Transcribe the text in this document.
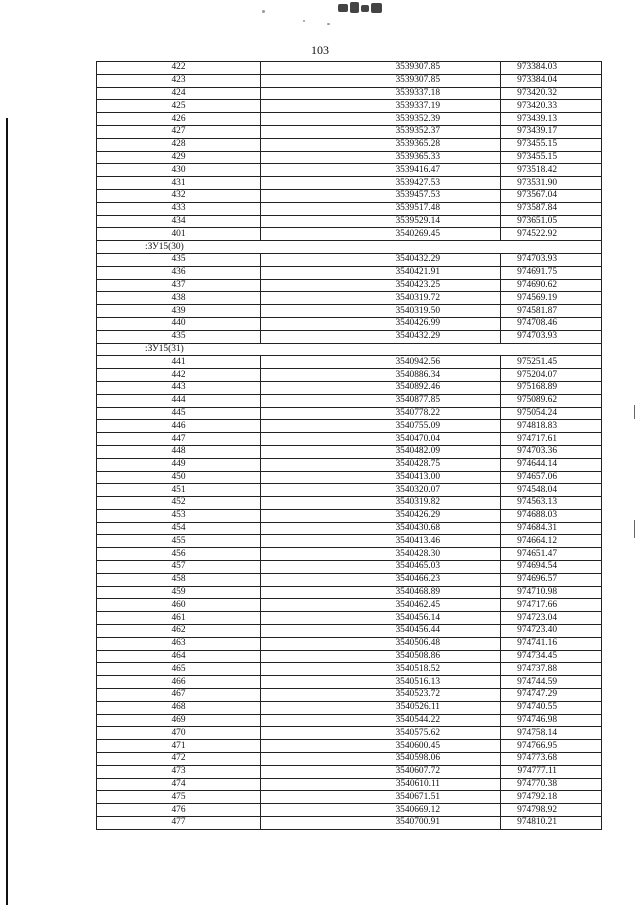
103
422	3539307.85	973384.03
423	3539307.85	973384.04
424	3539337.18	973420.32
425	3539337.19	973420.33
426	3539352.39	973439.13
427	3539352.37	973439.17
428	3539365.28	973455.15
429	3539365.33	973455.15
430	3539416.47	973518.42
431	3539427.53	973531.90
432	3539457.53	973567.04
433	3539517.48	973587.84
434	3539529.14	973651.05
401	3540269.45	974522.92
:ЗУ15(30)		
435	3540432.29	974703.93
436	3540421.91	974691.75
437	3540423.25	974690.62
438	3540319.72	974569.19
439	3540319.50	974581.87
440	3540426.99	974708.46
435	3540432.29	974703.93
:ЗУ15(31)		
441	3540942.56	975251.45
442	3540886.34	975204.07
443	3540892.46	975168.89
444	3540877.85	975089.62
445	3540778.22	975054.24
446	3540755.09	974818.83
447	3540470.04	974717.61
448	3540482.09	974703.36
449	3540428.75	974644.14
450	3540413.00	974657.06
451	3540320.07	974548.04
452	3540319.82	974563.13
453	3540426.29	974688.03
454	3540430.68	974684.31
455	3540413.46	974664.12
456	3540428.30	974651.47
457	3540465.03	974694.54
458	3540466.23	974696.57
459	3540468.89	974710.98
460	3540462.45	974717.66
461	3540456.14	974723.04
462	3540456.44	974723.40
463	3540506.48	974741.16
464	3540508.86	974734.45
465	3540518.52	974737.88
466	3540516.13	974744.59
467	3540523.72	974747.29
468	3540526.11	974740.55
469	3540544.22	974746.98
470	3540575.62	974758.14
471	3540600.45	974766.95
472	3540598.06	974773.68
473	3540607.72	974777.11
474	3540610.11	974770.38
475	3540671.51	974792.18
476	3540669.12	974798.92
477	3540700.91	974810.21
